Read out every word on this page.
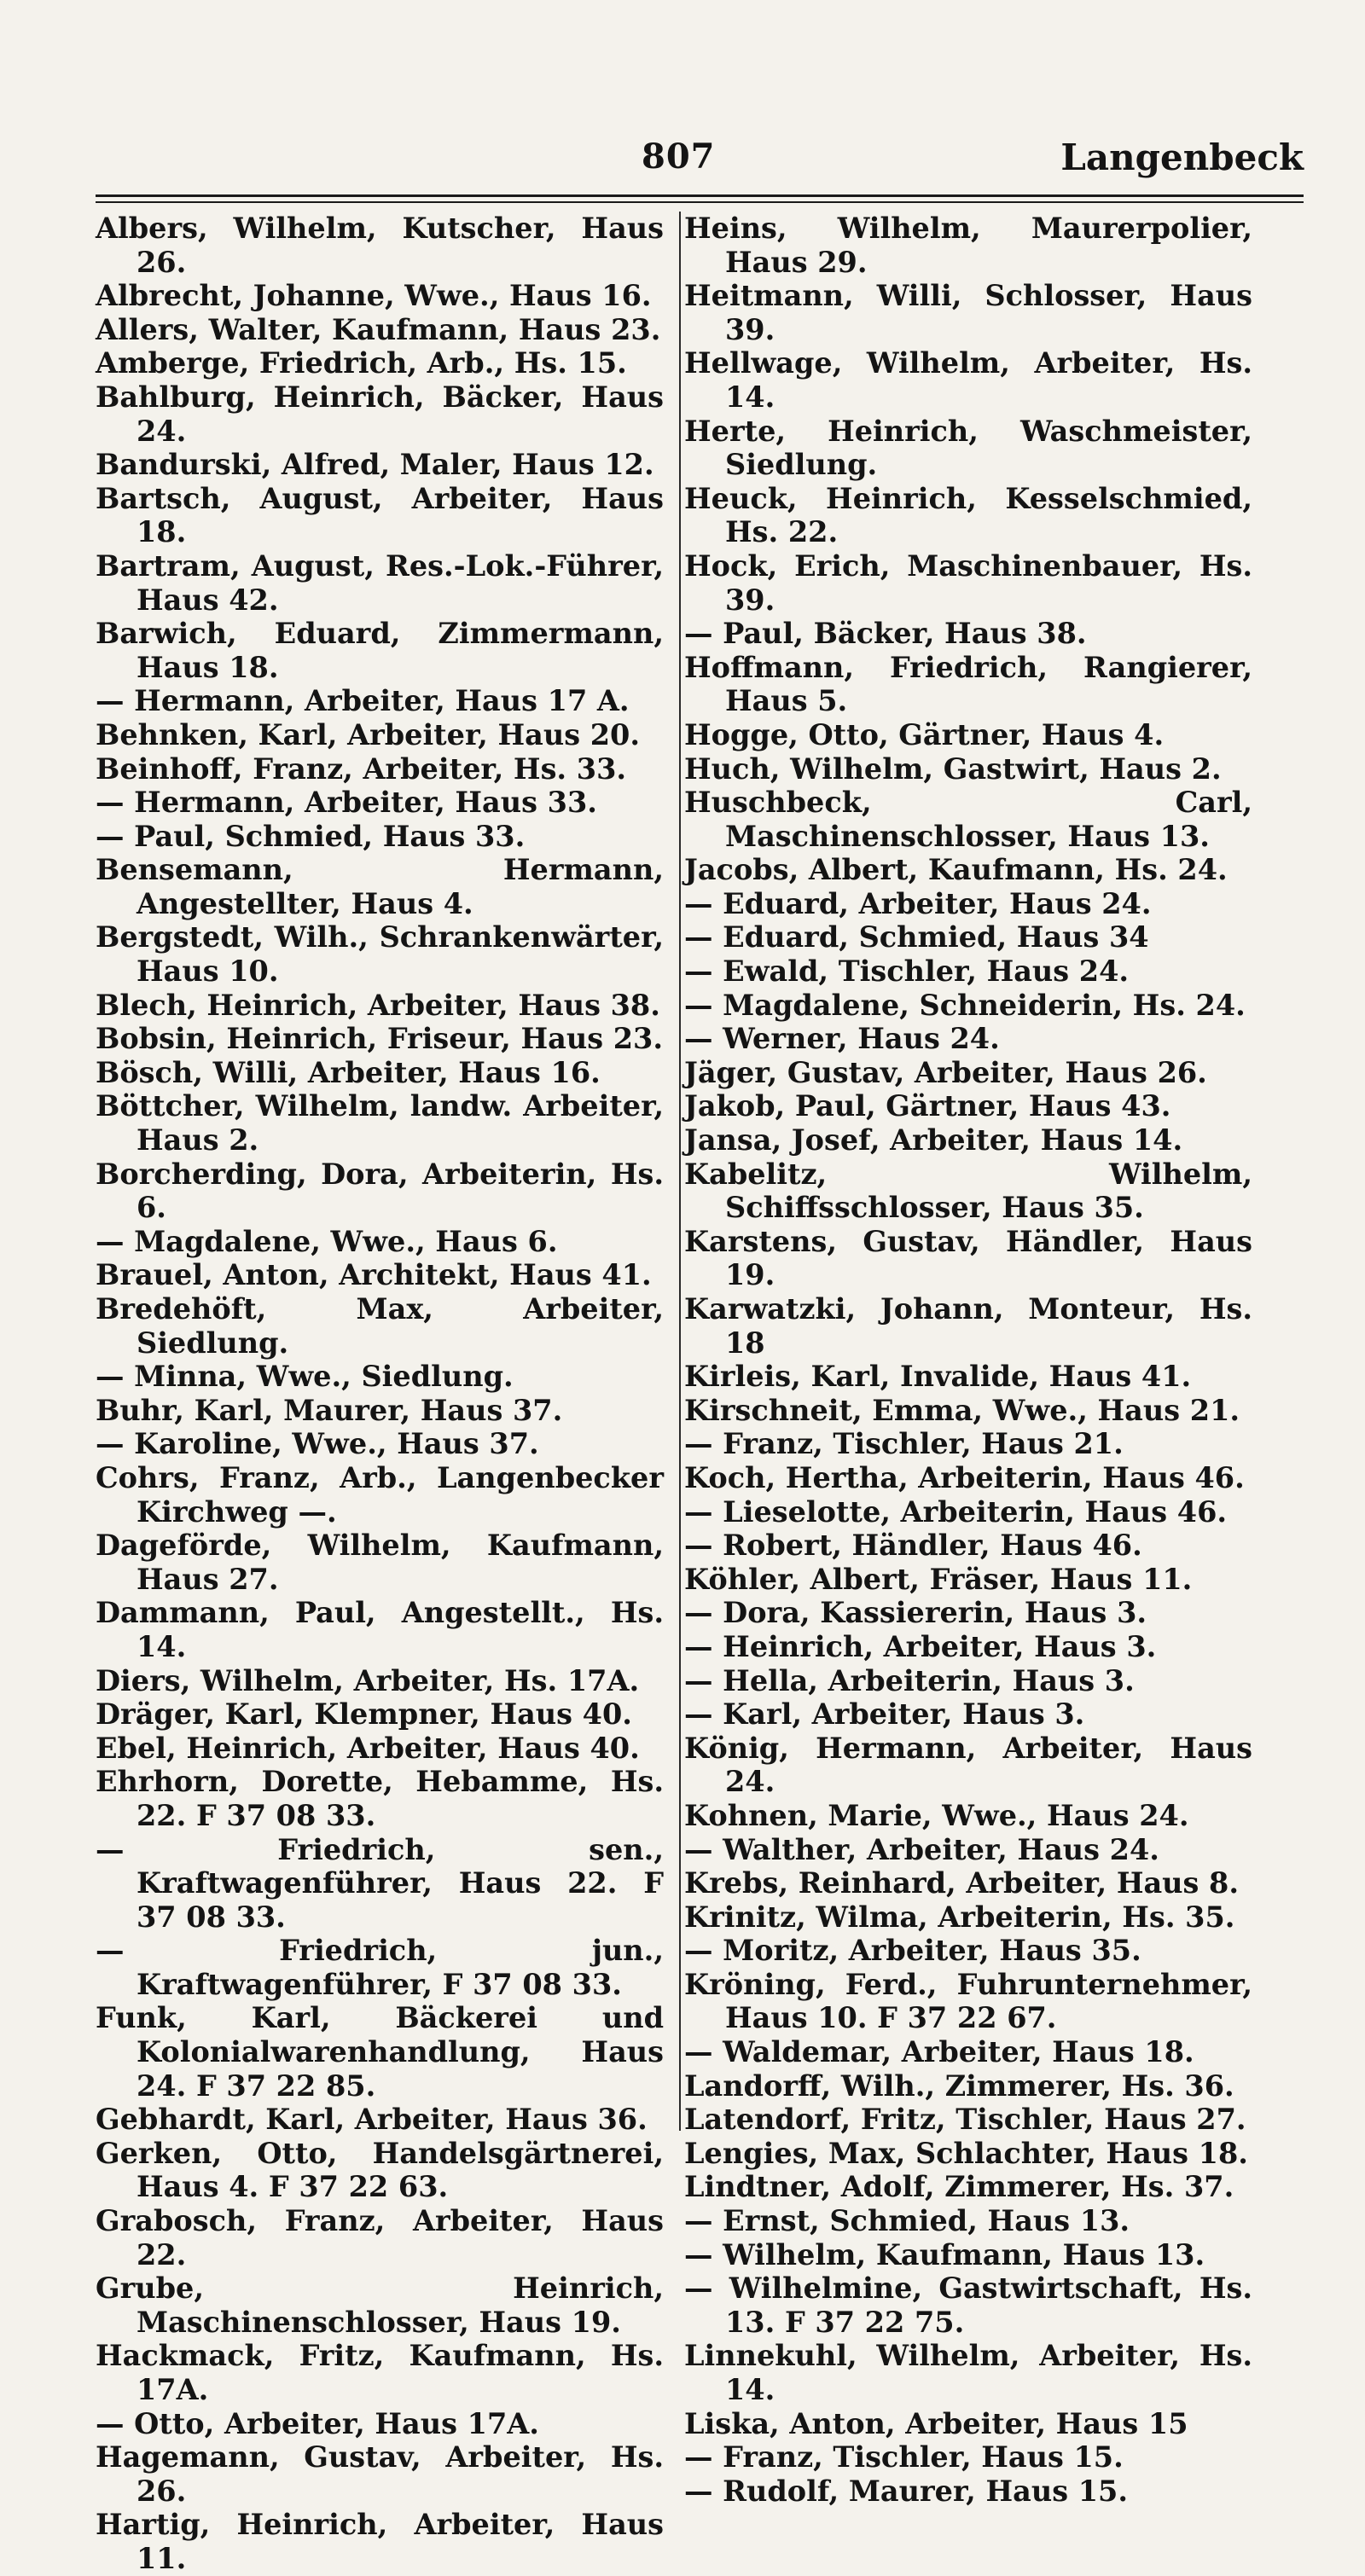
807	Langenbeck
Albers, Wilhelm, Kutscher, Haus 26.
Albrecht, Johanne, Wwe., Haus 16.
Allers, Walter, Kaufmann, Haus 23.
Amberge, Friedrich, Arb., Hs. 15.
Bahlburg, Heinrich, Bäcker, Haus 24.
Bandurski, Alfred, Maler, Haus 12.
Bartsch, August, Arbeiter, Haus 18.
Bartram, August, Res.-Lok.-Führer, Haus 42.
Barwich, Eduard, Zimmermann, Haus 18.
— Hermann, Arbeiter, Haus 17 A.
Behnken, Karl, Arbeiter, Haus 20.
Beinhoff, Franz, Arbeiter, Hs. 33.
— Hermann, Arbeiter, Haus 33.
— Paul, Schmied, Haus 33.
Bensemann, Hermann, Angestellter, Haus 4.
Bergstedt, Wilh., Schrankenwärter, Haus 10.
Blech, Heinrich, Arbeiter, Haus 38.
Bobsin, Heinrich, Friseur, Haus 23.
Bösch, Willi, Arbeiter, Haus 16.
Böttcher, Wilhelm, landw. Arbeiter, Haus 2.
Borcherding, Dora, Arbeiterin, Hs. 6.
— Magdalene, Wwe., Haus 6.
Brauel, Anton, Architekt, Haus 41.
Bredehöft, Max, Arbeiter, Siedlung.
— Minna, Wwe., Siedlung.
Buhr, Karl, Maurer, Haus 37.
— Karoline, Wwe., Haus 37.
Cohrs, Franz, Arb., Langenbecker Kirchweg —.
Dageförde, Wilhelm, Kaufmann, Haus 27.
Dammann, Paul, Angestellt., Hs. 14.
Diers, Wilhelm, Arbeiter, Hs. 17A.
Dräger, Karl, Klempner, Haus 40.
Ebel, Heinrich, Arbeiter, Haus 40.
Ehrhorn, Dorette, Hebamme, Hs. 22. F 37 08 33.
— Friedrich, sen., Kraftwagenführer, Haus 22. F 37 08 33.
— Friedrich, jun., Kraftwagenführer, F 37 08 33.
Funk, Karl, Bäckerei und Kolonialwarenhandlung, Haus 24. F 37 22 85.
Gebhardt, Karl, Arbeiter, Haus 36.
Gerken, Otto, Handelsgärtnerei, Haus 4. F 37 22 63.
Grabosch, Franz, Arbeiter, Haus 22.
Grube, Heinrich, Maschinenschlosser, Haus 19.
Hackmack, Fritz, Kaufmann, Hs. 17A.
— Otto, Arbeiter, Haus 17A.
Hagemann, Gustav, Arbeiter, Hs. 26.
Hartig, Heinrich, Arbeiter, Haus 11.
Heins, Wilhelm, Maurerpolier, Haus 29.
Heitmann, Willi, Schlosser, Haus 39.
Hellwage, Wilhelm, Arbeiter, Hs. 14.
Herte, Heinrich, Waschmeister, Siedlung.
Heuck, Heinrich, Kesselschmied, Hs. 22.
Hock, Erich, Maschinenbauer, Hs. 39.
— Paul, Bäcker, Haus 38.
Hoffmann, Friedrich, Rangierer, Haus 5.
Hogge, Otto, Gärtner, Haus 4.
Huch, Wilhelm, Gastwirt, Haus 2.
Huschbeck, Carl, Maschinenschlosser, Haus 13.
Jacobs, Albert, Kaufmann, Hs. 24.
— Eduard, Arbeiter, Haus 24.
— Eduard, Schmied, Haus 34
— Ewald, Tischler, Haus 24.
— Magdalene, Schneiderin, Hs. 24.
— Werner, Haus 24.
Jäger, Gustav, Arbeiter, Haus 26.
Jakob, Paul, Gärtner, Haus 43.
Jansa, Josef, Arbeiter, Haus 14.
Kabelitz, Wilhelm, Schiffsschlosser, Haus 35.
Karstens, Gustav, Händler, Haus 19.
Karwatzki, Johann, Monteur, Hs. 18
Kirleis, Karl, Invalide, Haus 41.
Kirschneit, Emma, Wwe., Haus 21.
— Franz, Tischler, Haus 21.
Koch, Hertha, Arbeiterin, Haus 46.
— Lieselotte, Arbeiterin, Haus 46.
— Robert, Händler, Haus 46.
Köhler, Albert, Fräser, Haus 11.
— Dora, Kassiererin, Haus 3.
— Heinrich, Arbeiter, Haus 3.
— Hella, Arbeiterin, Haus 3.
— Karl, Arbeiter, Haus 3.
König, Hermann, Arbeiter, Haus 24.
Kohnen, Marie, Wwe., Haus 24.
— Walther, Arbeiter, Haus 24.
Krebs, Reinhard, Arbeiter, Haus 8.
Krinitz, Wilma, Arbeiterin, Hs. 35.
— Moritz, Arbeiter, Haus 35.
Kröning, Ferd., Fuhrunternehmer, Haus 10. F 37 22 67.
— Waldemar, Arbeiter, Haus 18.
Landorff, Wilh., Zimmerer, Hs. 36.
Latendorf, Fritz, Tischler, Haus 27.
Lengies, Max, Schlachter, Haus 18.
Lindtner, Adolf, Zimmerer, Hs. 37.
— Ernst, Schmied, Haus 13.
— Wilhelm, Kaufmann, Haus 13.
— Wilhelmine, Gastwirtschaft, Hs. 13. F 37 22 75.
Linnekuhl, Wilhelm, Arbeiter, Hs. 14.
Liska, Anton, Arbeiter, Haus 15
— Franz, Tischler, Haus 15.
— Rudolf, Maurer, Haus 15.
